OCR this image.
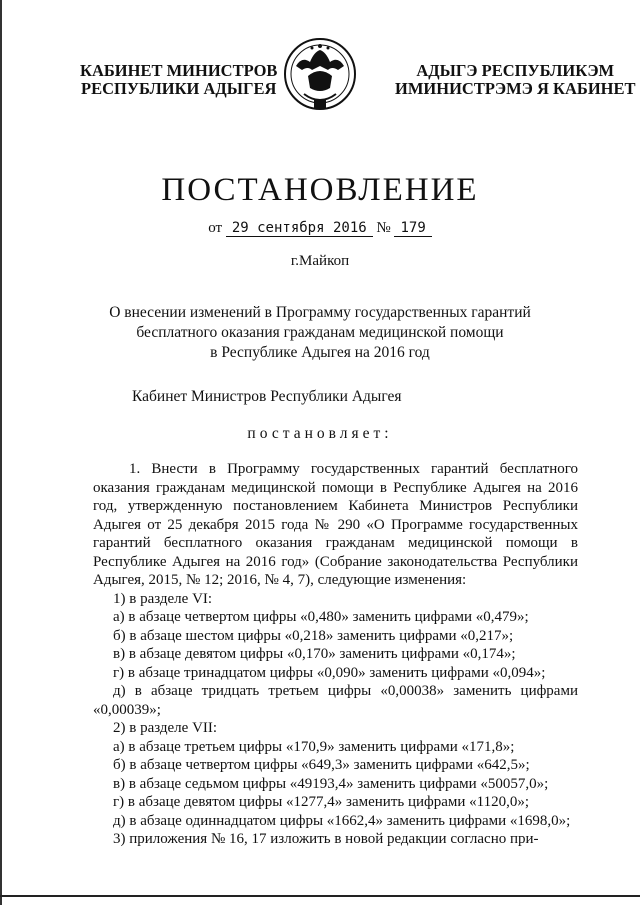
КАБИНЕТ МИНИСТРОВ
РЕСПУБЛИКИ АДЫГЕЯ
АДЫГЭ РЕСПУБЛИКЭМ
ИМИНИСТРЭМЭ Я КАБИНЕТ
ПОСТАНОВЛЕНИЕ
от 29 сентября 2016 № 179
г.Майкоп
О внесении изменений в Программу государственных гарантий
бесплатного оказания гражданам медицинской помощи
в Республике Адыгея на 2016 год
Кабинет Министров Республики Адыгея
постановляет:

1. Внести в Программу государственных гарантий бесплатного оказания гражданам медицинской помощи в Республике Адыгея на 2016 год, утвержденную постановлением Кабинета Министров Республики Адыгея от 25 декабря 2015 года № 290 «О Программе государственных гарантий бесплатного оказания гражданам медицинской помощи в Республике Адыгея на 2016 год» (Собрание законодательства Республики Адыгея, 2015, № 12; 2016, № 4, 7), следующие изменения:

1) в разделе VI:

а) в абзаце четвертом цифры «0,480» заменить цифрами «0,479»;

б) в абзаце шестом цифры «0,218» заменить цифрами «0,217»;

в) в абзаце девятом цифры «0,170» заменить цифрами «0,174»;

г) в абзаце тринадцатом цифры «0,090» заменить цифрами «0,094»;

д) в абзаце тридцать третьем цифры «0,00038» заменить цифрами «0,00039»;

2) в разделе VII:

а) в абзаце третьем цифры «170,9» заменить цифрами «171,8»;

б) в абзаце четвертом цифры «649,3» заменить цифрами «642,5»;

в) в абзаце седьмом цифры «49193,4» заменить цифрами «50057,0»;

г) в абзаце девятом цифры «1277,4» заменить цифрами «1120,0»;

д) в абзаце одиннадцатом цифры «1662,4» заменить цифрами «1698,0»;

3) приложения № 16, 17 изложить в новой редакции согласно при-
